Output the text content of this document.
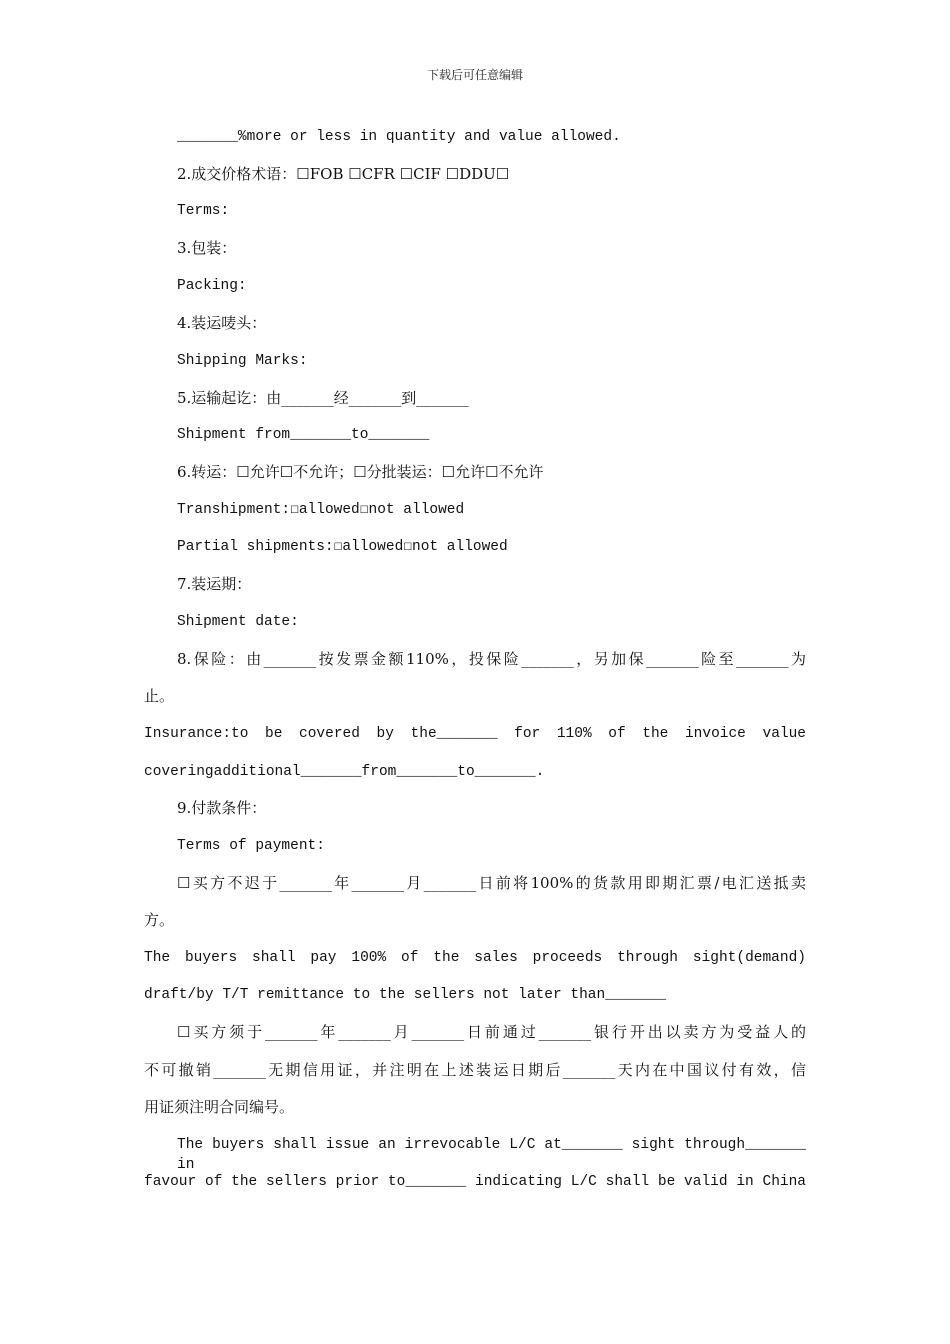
下载后可任意编辑
_______%more or less in quantity and value allowed.
2.成交价格术语：☐FOB ☐CFR ☐CIF ☐DDU☐
Terms:
3.包装：
Packing:
4.装运唛头：
Shipping Marks:
5.运输起讫：由_______经_______到_______
Shipment from_______to_______
6.转运：☐允许☐不允许；☐分批装运：☐允许☐不允许
Transhipment:☐allowed☐not allowed
Partial shipments:☐allowed☐not allowed
7.装运期：
Shipment date:
8.保险：由_______按发票金额110%，投保险_______，另加保_______险至_______为
止。
Insurance:to be covered by the_______ for 110% of the invoice value
coveringadditional_______from_______to_______.
9.付款条件：
Terms of payment:
☐买方不迟于_______年_______月_______日前将100%的货款用即期汇票/电汇送抵卖
方。
The buyers shall pay 100% of the sales proceeds through sight(demand)
draft/by T/T remittance to the sellers not later than_______
☐买方须于_______年_______月_______日前通过_______银行开出以卖方为受益人的
不可撤销_______无期信用证，并注明在上述装运日期后_______天内在中国议付有效，信
用证须注明合同编号。
The buyers shall issue an irrevocable L/C at_______ sight through_______ in
favour of the sellers prior to_______ indicating L/C shall be valid in China
